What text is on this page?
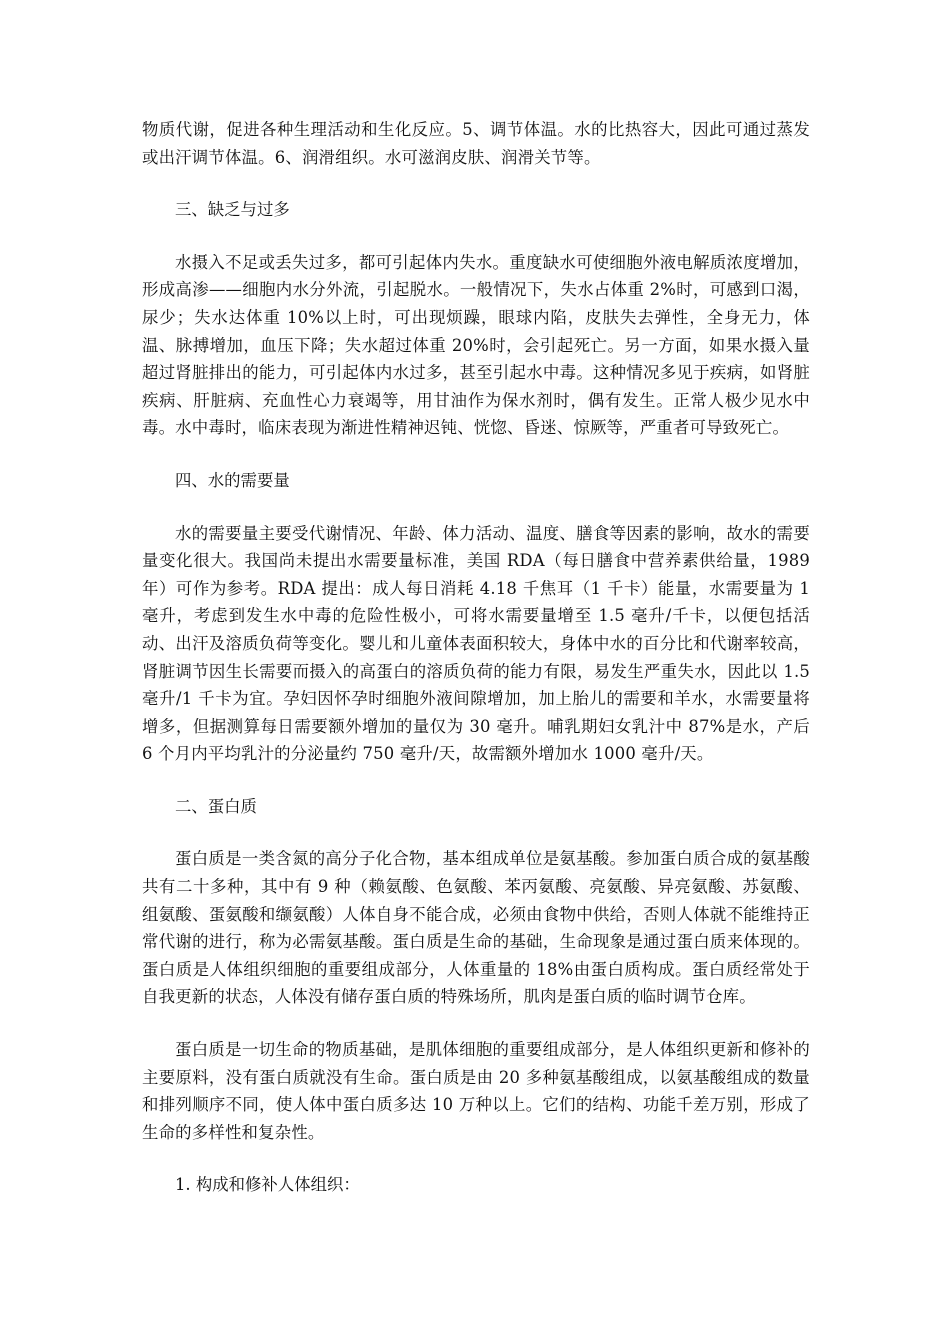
物质代谢，促进各种生理活动和生化反应。5、调节体温。水的比热容大，因此可通过蒸发或出汗调节体温。6、润滑组织。水可滋润皮肤、润滑关节等。

三、缺乏与过多

水摄入不足或丢失过多，都可引起体内失水。重度缺水可使细胞外液电解质浓度增加，形成高渗——细胞内水分外流，引起脱水。一般情况下，失水占体重 2%时，可感到口渴，尿少；失水达体重 10%以上时，可出现烦躁，眼球内陷，皮肤失去弹性，全身无力，体温、脉搏增加，血压下降；失水超过体重 20%时，会引起死亡。另一方面，如果水摄入量超过肾脏排出的能力，可引起体内水过多，甚至引起水中毒。这种情况多见于疾病，如肾脏疾病、肝脏病、充血性心力衰竭等，用甘油作为保水剂时，偶有发生。正常人极少见水中毒。水中毒时，临床表现为渐进性精神迟钝、恍惚、昏迷、惊厥等，严重者可导致死亡。

四、水的需要量

水的需要量主要受代谢情况、年龄、体力活动、温度、膳食等因素的影响，故水的需要量变化很大。我国尚未提出水需要量标准，美国 RDA（每日膳食中营养素供给量，1989年）可作为参考。RDA 提出：成人每日消耗 4.18 千焦耳（1 千卡）能量，水需要量为 1 毫升，考虑到发生水中毒的危险性极小，可将水需要量增至 1.5 毫升/千卡，以便包括活动、出汗及溶质负荷等变化。婴儿和儿童体表面积较大，身体中水的百分比和代谢率较高，肾脏调节因生长需要而摄入的高蛋白的溶质负荷的能力有限，易发生严重失水，因此以 1.5 毫升/1 千卡为宜。孕妇因怀孕时细胞外液间隙增加，加上胎儿的需要和羊水，水需要量将增多，但据测算每日需要额外增加的量仅为 30 毫升。哺乳期妇女乳汁中 87%是水，产后 6 个月内平均乳汁的分泌量约 750 毫升/天，故需额外增加水 1000 毫升/天。

二、蛋白质

蛋白质是一类含氮的高分子化合物，基本组成单位是氨基酸。参加蛋白质合成的氨基酸共有二十多种，其中有 9 种（赖氨酸、色氨酸、苯丙氨酸、亮氨酸、异亮氨酸、苏氨酸、组氨酸、蛋氨酸和缬氨酸）人体自身不能合成，必须由食物中供给，否则人体就不能维持正常代谢的进行，称为必需氨基酸。蛋白质是生命的基础，生命现象是通过蛋白质来体现的。蛋白质是人体组织细胞的重要组成部分，人体重量的 18%由蛋白质构成。蛋白质经常处于自我更新的状态，人体没有储存蛋白质的特殊场所，肌肉是蛋白质的临时调节仓库。

蛋白质是一切生命的物质基础，是肌体细胞的重要组成部分，是人体组织更新和修补的主要原料，没有蛋白质就没有生命。蛋白质是由 20 多种氨基酸组成，以氨基酸组成的数量和排列顺序不同，使人体中蛋白质多达 10 万种以上。它们的结构、功能千差万别，形成了生命的多样性和复杂性。

1. 构成和修补人体组织：
